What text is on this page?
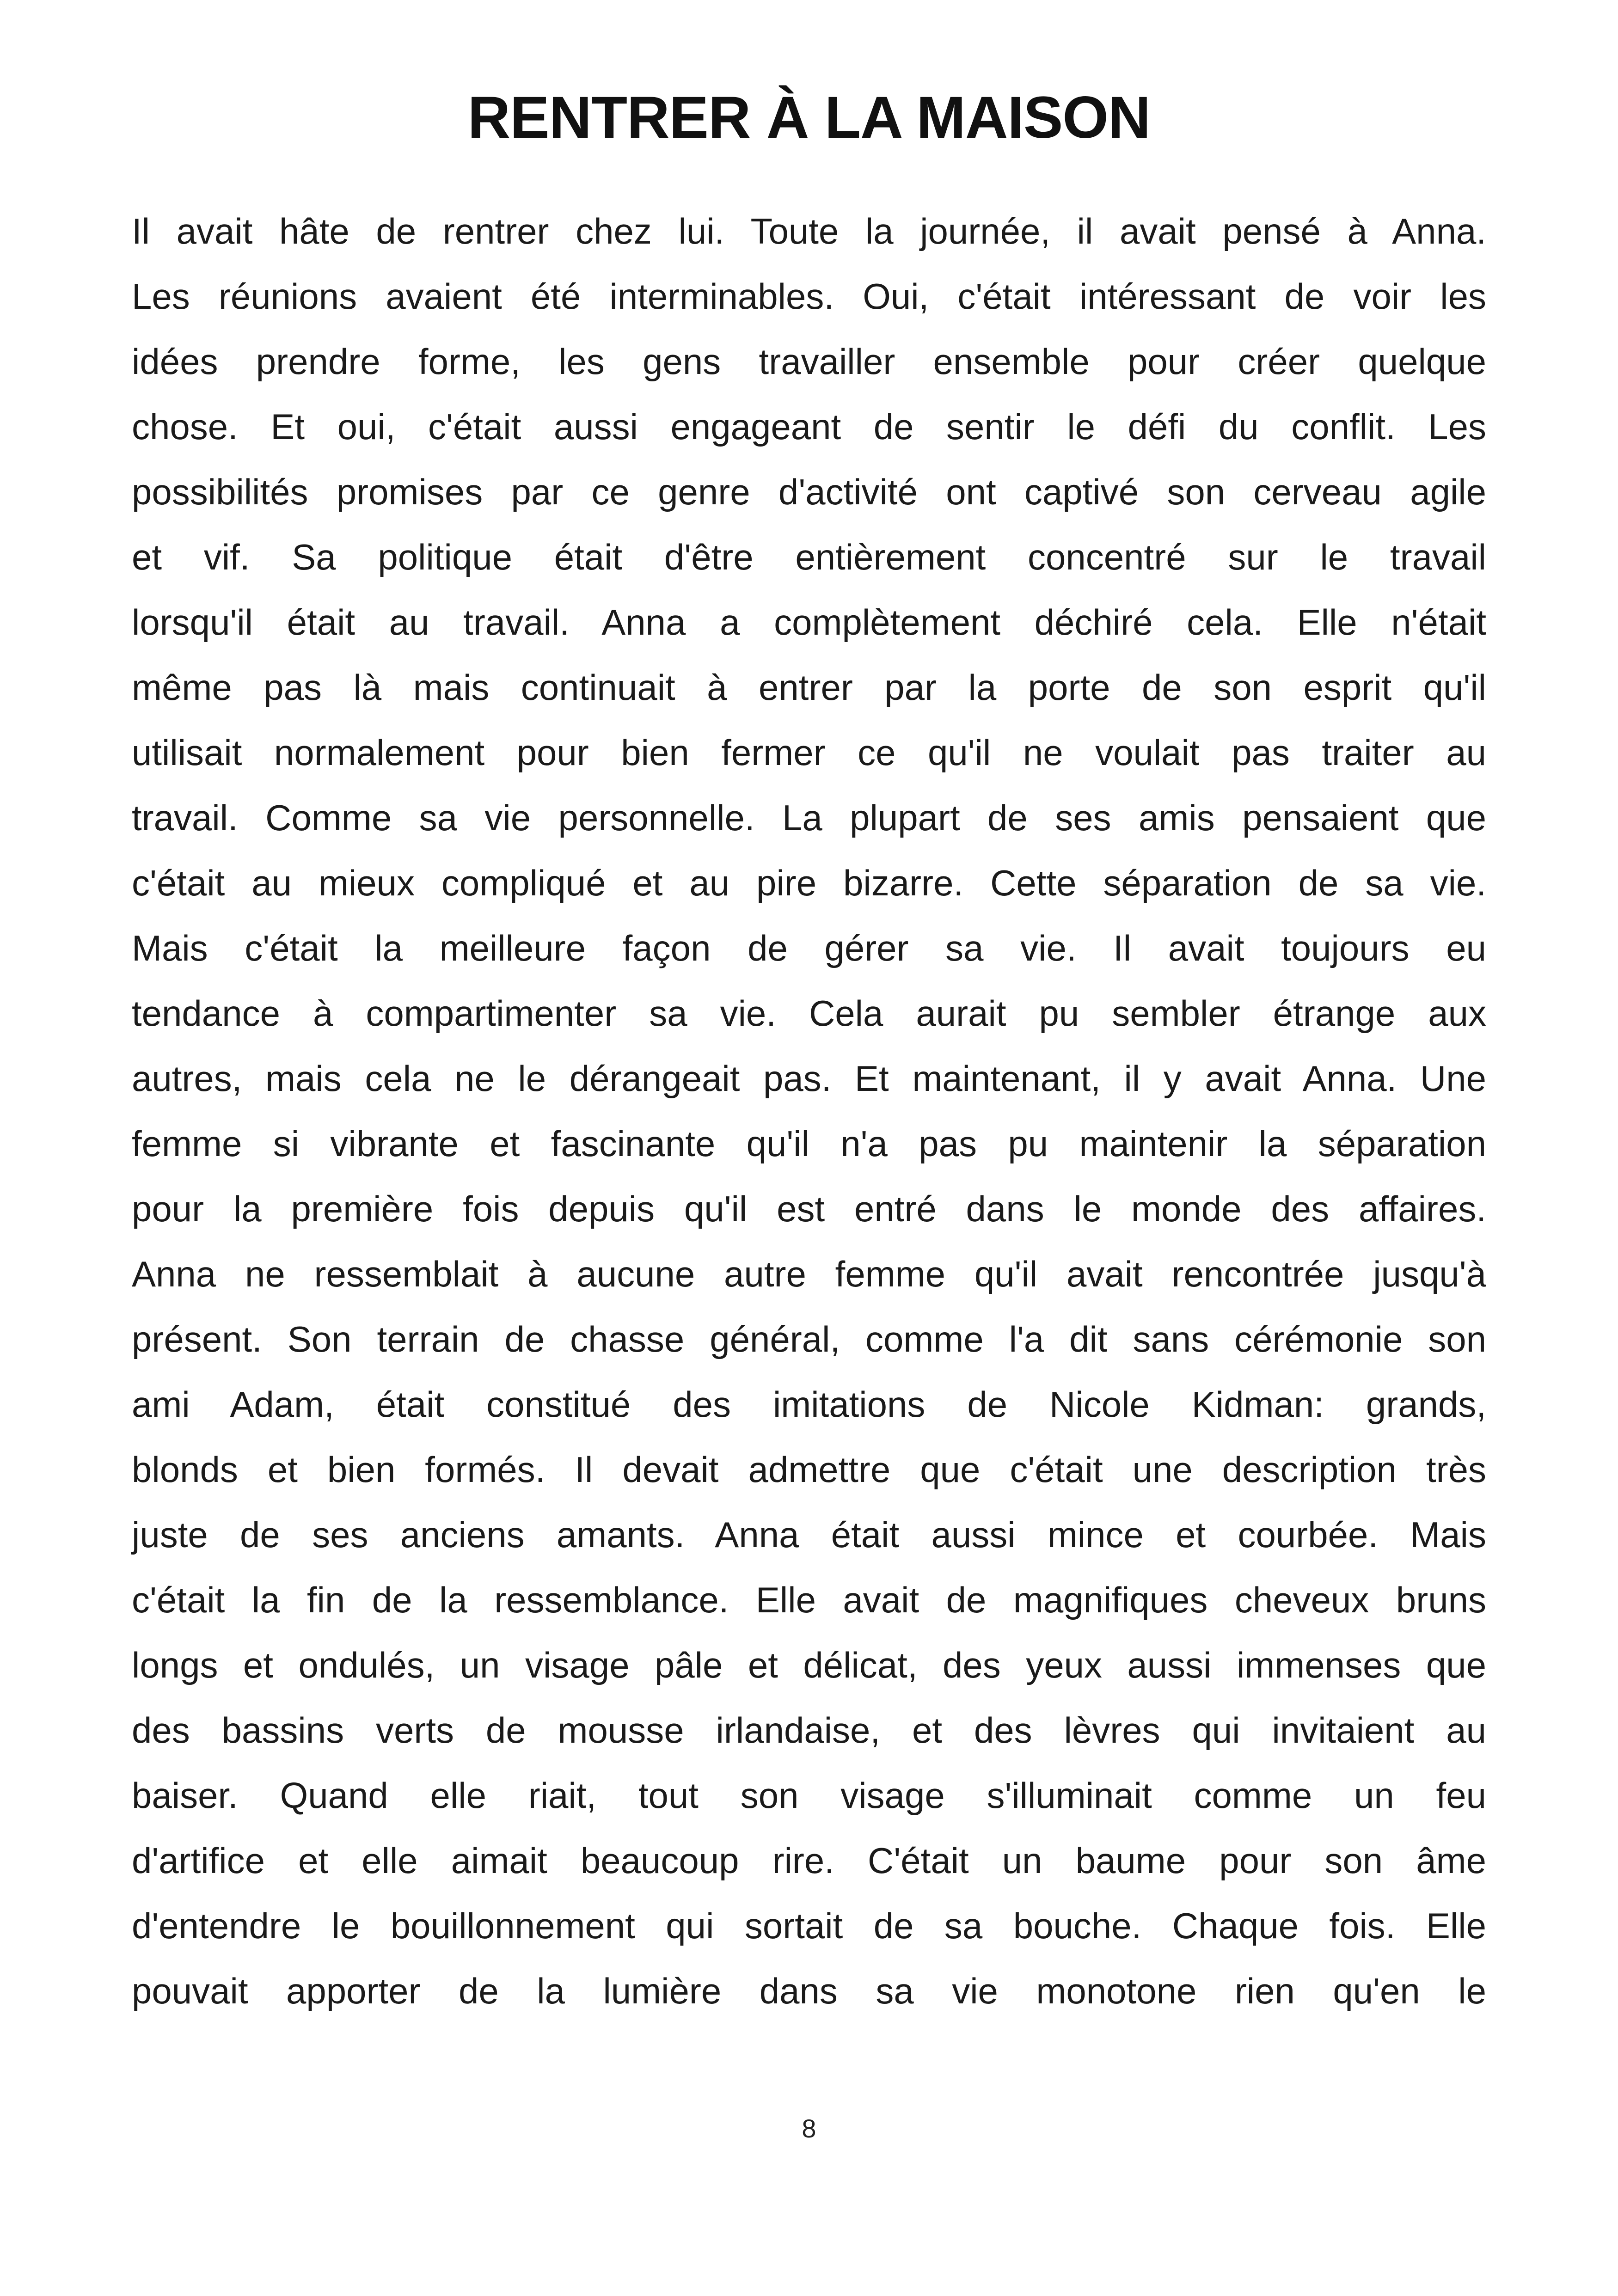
RENTRER À LA MAISON
Il avait hâte de rentrer chez lui. Toute la journée, il avait pensé à Anna.
Les réunions avaient été interminables. Oui, c'était intéressant de voir les
idées prendre forme, les gens travailler ensemble pour créer quelque
chose. Et oui, c'était aussi engageant de sentir le défi du conflit. Les
possibilités promises par ce genre d'activité ont captivé son cerveau agile
et vif. Sa politique était d'être entièrement concentré sur le travail
lorsqu'il était au travail. Anna a complètement déchiré cela. Elle n'était
même pas là mais continuait à entrer par la porte de son esprit qu'il
utilisait normalement pour bien fermer ce qu'il ne voulait pas traiter au
travail. Comme sa vie personnelle. La plupart de ses amis pensaient que
c'était au mieux compliqué et au pire bizarre. Cette séparation de sa vie.
Mais c'était la meilleure façon de gérer sa vie. Il avait toujours eu
tendance à compartimenter sa vie. Cela aurait pu sembler étrange aux
autres, mais cela ne le dérangeait pas. Et maintenant, il y avait Anna. Une
femme si vibrante et fascinante qu'il n'a pas pu maintenir la séparation
pour la première fois depuis qu'il est entré dans le monde des affaires.
Anna ne ressemblait à aucune autre femme qu'il avait rencontrée jusqu'à
présent. Son terrain de chasse général, comme l'a dit sans cérémonie son
ami Adam, était constitué des imitations de Nicole Kidman: grands,
blonds et bien formés. Il devait admettre que c'était une description très
juste de ses anciens amants. Anna était aussi mince et courbée. Mais
c'était la fin de la ressemblance. Elle avait de magnifiques cheveux bruns
longs et ondulés, un visage pâle et délicat, des yeux aussi immenses que
des bassins verts de mousse irlandaise, et des lèvres qui invitaient au
baiser. Quand elle riait, tout son visage s'illuminait comme un feu
d'artifice et elle aimait beaucoup rire. C'était un baume pour son âme
d'entendre le bouillonnement qui sortait de sa bouche. Chaque fois. Elle
pouvait apporter de la lumière dans sa vie monotone rien qu'en le
8
